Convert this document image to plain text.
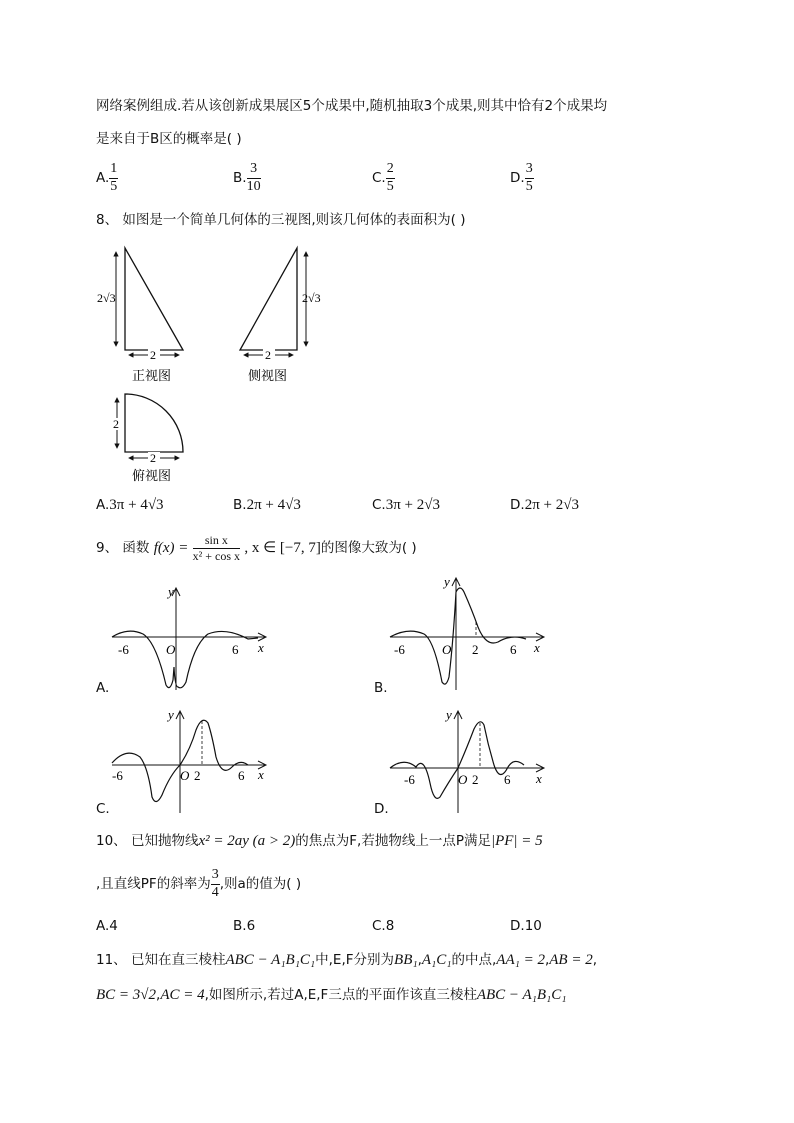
网络案例组成.若从该创新成果展区5个成果中,随机抽取3个成果,则其中恰有2个成果均
是来自于B区的概率是( )
A. $\frac{1}{5}$	B. $\frac{3}{10}$	C. $\frac{2}{5}$	D. $\frac{3}{5}$
8、 如图是一个简单几何体的三视图,则该几何体的表面积为( )
2√3
2
正视图
2√3
2
侧视图
2
2
俯视图
A.3π + 4√3	B.2π + 4√3	C.3π + 2√3	D.2π + 2√3
9、 函数 $f(x) = \frac{\text{sin x}}{\text{x² + cos x}}$ , x ∈ [−7, 7]的图像大致为( )
y
x
-6	O	6
A.
y
x
-6	O 2 6
B.
y
x
-6	O 2	6
C.
y
x
-6	O 2 6
D.
10、 已知抛物线x² = 2ay (a > 2)的焦点为F,若抛物线上一点P满足|PF| = 5
,且直线PF的斜率为 $\frac{3}{4}$ ,则a的值为( )
A.4	B.6	C.8	D.10
11、 已知在直三棱柱ABC − A₁B₁C₁中,E,F分别为BB₁,A₁C₁的中点,AA₁ = 2,AB = 2,
BC = 3√2,AC = 4,如图所示,若过A,E,F三点的平面作该直三棱柱ABC − A₁B₁C₁
